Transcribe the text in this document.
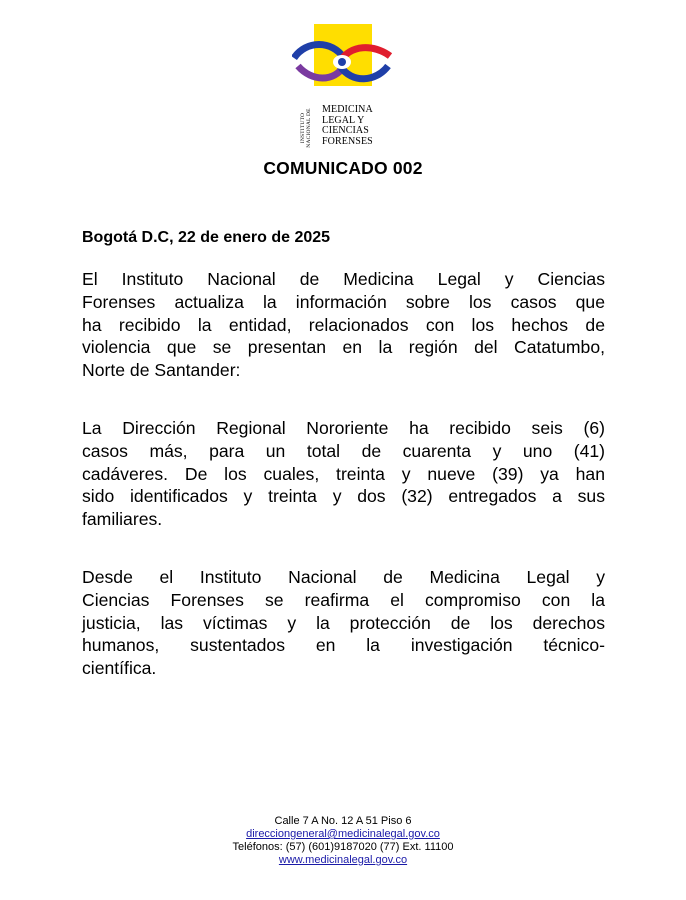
INSTITUTO NACIONAL DE MEDICINA
LEGAL Y
CIENCIAS
FORENSES
COMUNICADO 002
Bogotá D.C, 22 de enero de 2025
El Instituto Nacional de Medicina Legal y Ciencias
Forenses actualiza la información sobre los casos que
ha recibido la entidad, relacionados con los hechos de
violencia que se presentan en la región del Catatumbo,
Norte de Santander:
La Dirección Regional Nororiente ha recibido seis (6)
casos más, para un total de cuarenta y uno (41)
cadáveres. De los cuales, treinta y nueve (39) ya han
sido identificados y treinta y dos (32) entregados a sus
familiares.
Desde el Instituto Nacional de Medicina Legal y
Ciencias Forenses se reafirma el compromiso con la
justicia, las víctimas y la protección de los derechos
humanos, sustentados en la investigación técnico-
científica.
Calle 7 A No. 12 A 51 Piso 6
direcciongeneral@medicinalegal.gov.co
Teléfonos: (57) (601)9187020 (77) Ext. 11100
www.medicinalegal.gov.co
